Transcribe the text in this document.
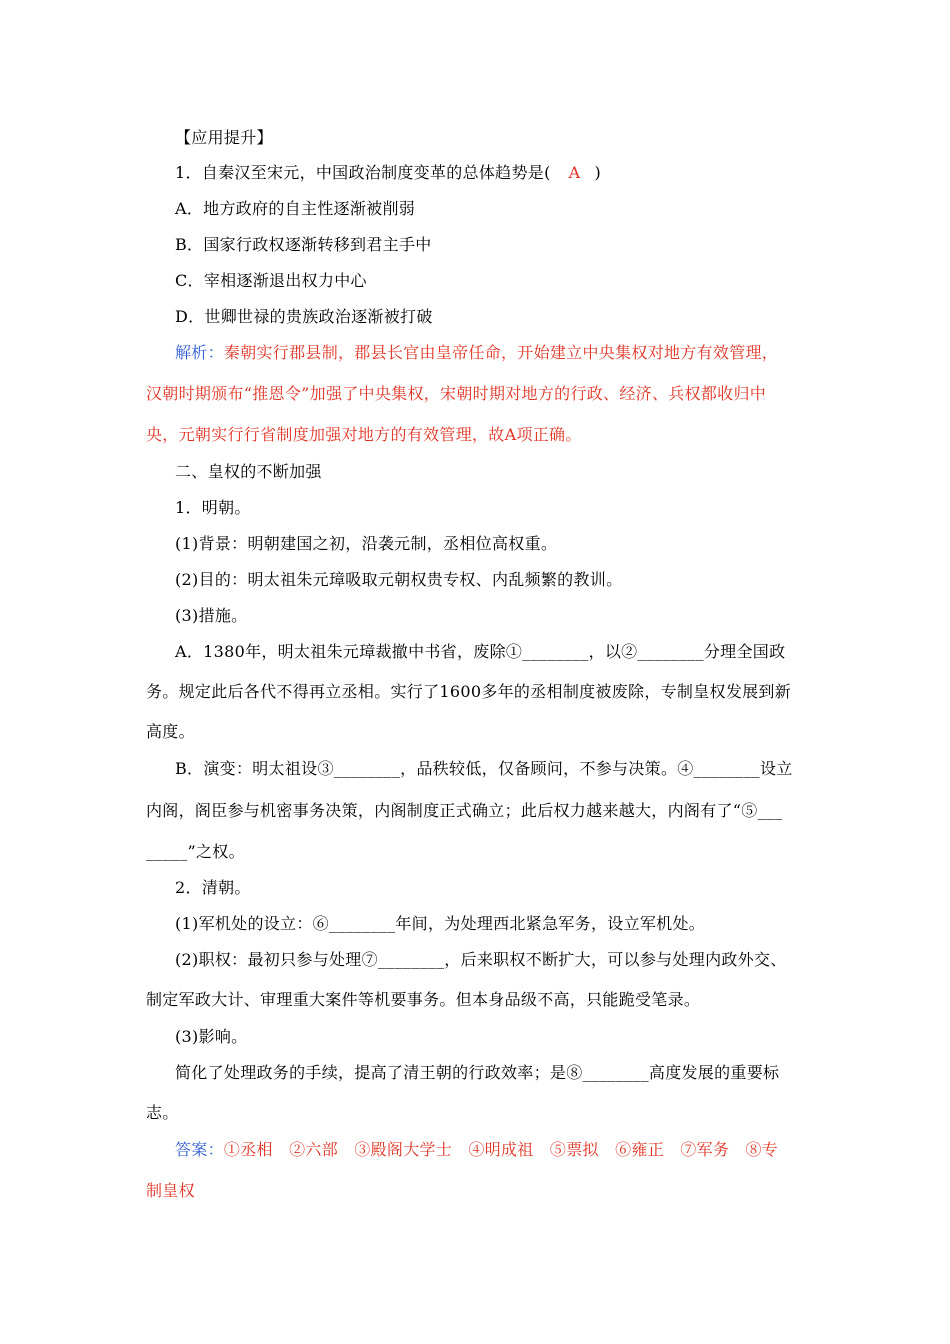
【应用提升】
1．自秦汉至宋元，中国政治制度变革的总体趋势是( A )
A．地方政府的自主性逐渐被削弱
B．国家行政权逐渐转移到君主手中
C．宰相逐渐退出权力中心
D．世卿世禄的贵族政治逐渐被打破
解析：秦朝实行郡县制，郡县长官由皇帝任命，开始建立中央集权对地方有效管理，
汉朝时期颁布“推恩令”加强了中央集权，宋朝时期对地方的行政、经济、兵权都收归中
央，元朝实行行省制度加强对地方的有效管理，故A项正确。
二、皇权的不断加强
1．明朝。
(1)背景：明朝建国之初，沿袭元制，丞相位高权重。
(2)目的：明太祖朱元璋吸取元朝权贵专权、内乱频繁的教训。
(3)措施。
A．1380年，明太祖朱元璋裁撤中书省，废除①________，以②________分理全国政
务。规定此后各代不得再立丞相。实行了1600多年的丞相制度被废除，专制皇权发展到新
高度。
B．演变：明太祖设③________，品秩较低，仅备顾问，不参与决策。④________设立
内阁，阁臣参与机密事务决策，内阁制度正式确立；此后权力越来越大，内阁有了“⑤___
_____”之权。
2．清朝。
(1)军机处的设立：⑥________年间，为处理西北紧急军务，设立军机处。
(2)职权：最初只参与处理⑦________，后来职权不断扩大，可以参与处理内政外交、
制定军政大计、审理重大案件等机要事务。但本身品级不高，只能跪受笔录。
(3)影响。
简化了处理政务的手续，提高了清王朝的行政效率；是⑧________高度发展的重要标
志。
答案：①丞相　②六部　③殿阁大学士　④明成祖　⑤票拟　⑥雍正　⑦军务　⑧专
制皇权
